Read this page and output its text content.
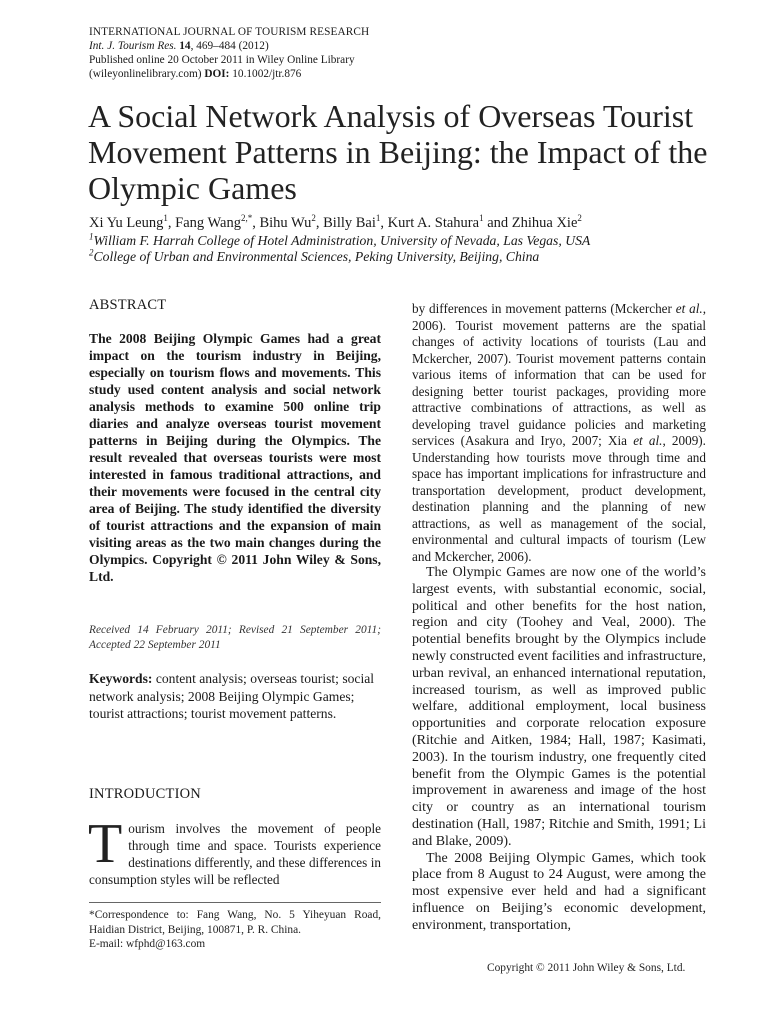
INTERNATIONAL JOURNAL OF TOURISM RESEARCH
Int. J. Tourism Res. 14, 469–484 (2012)
Published online 20 October 2011 in Wiley Online Library
(wileyonlinelibrary.com) DOI: 10.1002/jtr.876
A Social Network Analysis of Overseas Tourist Movement Patterns in Beijing: the Impact of the Olympic Games
Xi Yu Leung$^1$, Fang Wang$^{2,*}$, Bihu Wu$^2$, Billy Bai$^1$, Kurt A. Stahura$^1$ and Zhihua Xie$^2$
$^1$William F. Harrah College of Hotel Administration, University of Nevada, Las Vegas, USA
$^2$College of Urban and Environmental Sciences, Peking University, Beijing, China
ABSTRACT
The 2008 Beijing Olympic Games had a great impact on the tourism industry in Beijing, especially on tourism flows and movements. This study used content analysis and social network analysis methods to examine 500 online trip diaries and analyze overseas tourist movement patterns in Beijing during the Olympics. The result revealed that overseas tourists were most interested in famous traditional attractions, and their movements were focused in the central city area of Beijing. The study identified the diversity of tourist attractions and the expansion of main visiting areas as the two main changes during the Olympics. Copyright © 2011 John Wiley & Sons, Ltd.
Received 14 February 2011; Revised 21 September 2011; Accepted 22 September 2011
Keywords: content analysis; overseas tourist; social network analysis; 2008 Beijing Olympic Games; tourist attractions; tourist movement patterns.
INTRODUCTION
Tourism involves the movement of people through time and space. Tourists experience destinations differently, and these differences in consumption styles will be reflected
*Correspondence to: Fang Wang, No. 5 Yiheyuan Road, Haidian District, Beijing, 100871, P. R. China.
E-mail: wfphd@163.com

by differences in movement patterns (Mckercher et al., 2006). Tourist movement patterns are the spatial changes of activity locations of tourists (Lau and Mckercher, 2007). Tourist movement patterns contain various items of information that can be used for designing better tourist packages, providing more attractive combinations of attractions, as well as developing travel guidance policies and marketing services (Asakura and Iryo, 2007; Xia et al., 2009). Understanding how tourists move through time and space has important implications for infrastructure and transportation development, product development, destination planning and the planning of new attractions, as well as management of the social, environmental and cultural impacts of tourism (Lew and Mckercher, 2006).

The Olympic Games are now one of the world’s largest events, with substantial economic, social, political and other benefits for the host nation, region and city (Toohey and Veal, 2000). The potential benefits brought by the Olympics include newly constructed event facilities and infrastructure, urban revival, an enhanced international reputation, increased tourism, as well as improved public welfare, additional employment, local business opportunities and corporate relocation exposure (Ritchie and Aitken, 1984; Hall, 1987; Kasimati, 2003). In the tourism industry, one frequently cited benefit from the Olympic Games is the potential improvement in awareness and image of the host city or country as an international tourism destination (Hall, 1987; Ritchie and Smith, 1991; Li and Blake, 2009).

The 2008 Beijing Olympic Games, which took place from 8 August to 24 August, were among the most expensive ever held and had a significant influence on Beijing’s economic development, environment, transportation,

Copyright © 2011 John Wiley & Sons, Ltd.
